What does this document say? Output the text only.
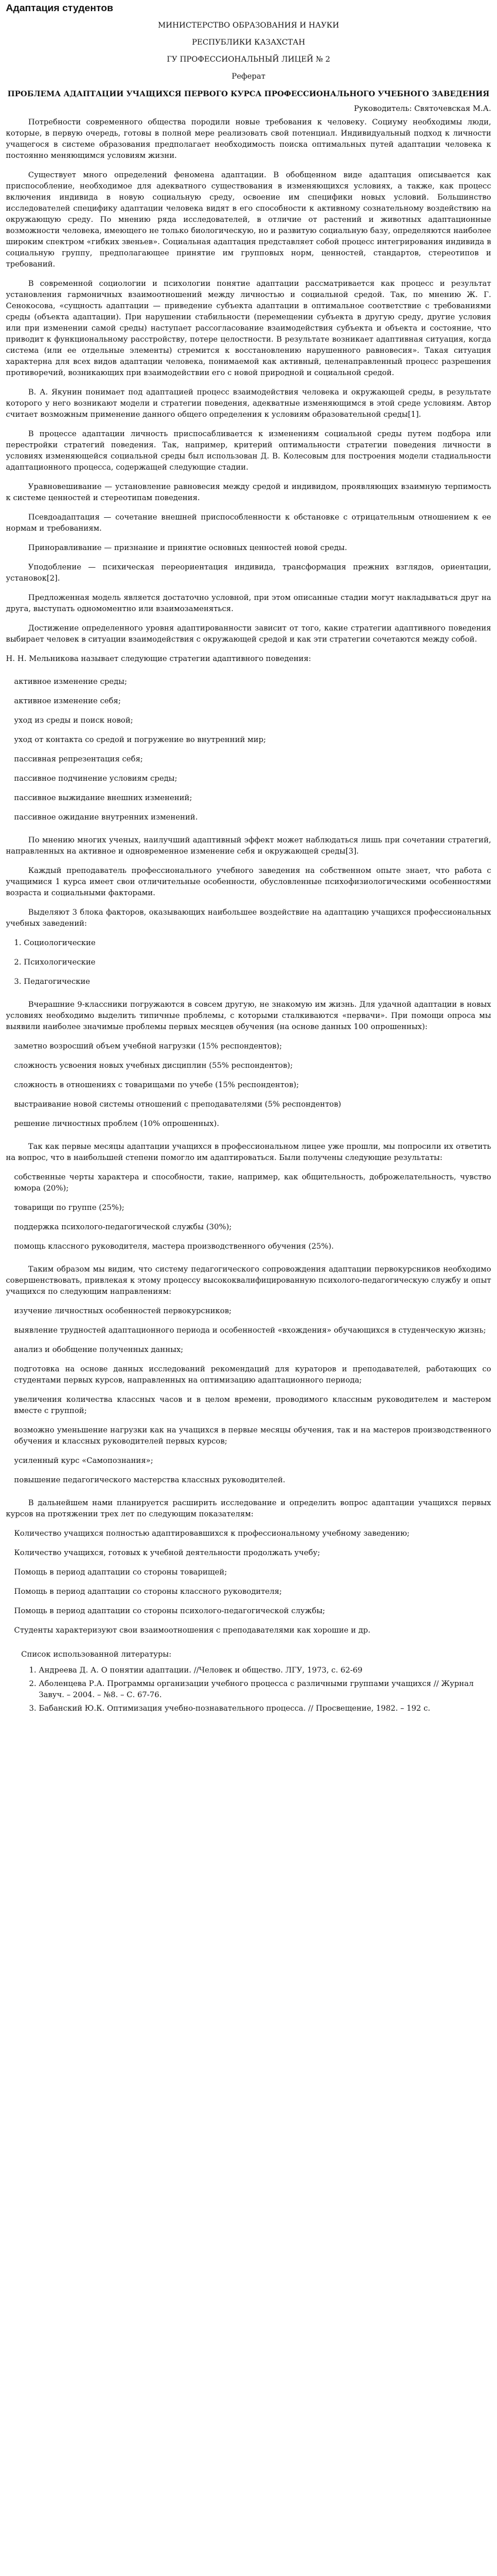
Адаптация студентов
МИНИСТЕРСТВО ОБРАЗОВАНИЯ И НАУКИ
РЕСПУБЛИКИ КАЗАХСТАН
ГУ ПРОФЕССИОНАЛЬНЫЙ ЛИЦЕЙ № 2
Реферат
ПРОБЛЕМА АДАПТАЦИИ УЧАЩИХСЯ ПЕРВОГО КУРСА ПРОФЕССИОНАЛЬНОГО УЧЕБНОГО ЗАВЕДЕНИЯ
Руководитель: Святочевская М.А.

Потребности современного общества породили новые требования к человеку. Социуму необходимы люди, которые, в первую очередь, готовы в полной мере реализовать свой потенциал. Индивидуальный подход к личности учащегося в системе образования предполагает необходимость поиска оптимальных путей адаптации человека к постоянно меняющимся условиям жизни.

Существует много определений феномена адаптации. В обобщенном виде адаптация описывается как приспособление, необходимое для адекватного существования в изменяющихся условиях, а также, как процесс включения индивида в новую социальную среду, освоение им специфики новых условий. Большинство исследователей специфику адаптации человека видят в его способности к активному сознательному воздействию на окружающую среду. По мнению ряда исследователей, в отличие от растений и животных адаптационные возможности человека, имеющего не только биологическую, но и развитую социальную базу, определяются наиболее широким спектром «гибких звеньев». Социальная адаптация представляет собой процесс интегрирования индивида в социальную группу, предполагающее принятие им групповых норм, ценностей, стандартов, стереотипов и требований.

В современной социологии и психологии понятие адаптации рассматривается как процесс и результат установления гармоничных взаимоотношений между личностью и социальной средой. Так, по мнению Ж. Г. Сенокосова, «сущность адаптации — приведение субъекта адаптации в оптимальное соответствие с требованиями среды (объекта адаптации). При нарушении стабильности (перемещении субъекта в другую среду, другие условия или при изменении самой среды) наступает рассогласование взаимодействия субъекта и объекта и состояние, что приводит к функциональному расстройству, потере целостности. В результате возникает адаптивная ситуация, когда система (или ее отдельные элементы) стремится к восстановлению нарушенного равновесия». Такая ситуация характерна для всех видов адаптации человека, понимаемой как активный, целенаправленный процесс разрешения противоречий, возникающих при взаимодействии его с новой природной и социальной средой.

В. А. Якунин понимает под адаптацией процесс взаимодействия человека и окружающей среды, в результате которого у него возникают модели и стратегии поведения, адекватные изменяющимся в этой среде условиям. Автор считает возможным применение данного общего определения к условиям образовательной среды[1].

В процессе адаптации личность приспосабливается к изменениям социальной среды путем подбора или перестройки стратегий поведения. Так, например, критерий оптимальности стратегии поведения личности в условиях изменяющейся социальной среды был использован Д. В. Колесовым для построения модели стадиальности адаптационного процесса, содержащей следующие стадии.

Уравновешивание — установление равновесия между средой и индивидом, проявляющих взаимную терпимость к системе ценностей и стереотипам поведения.

Псевдоадаптация — сочетание внешней приспособленности к обстановке с отрицательным отношением к ее нормам и требованиям.

Приноравливание — признание и принятие основных ценностей новой среды.

Уподобление — психическая переориентация индивида, трансформация прежних взглядов, ориентации, установок[2].

Предложенная модель является достаточно условной, при этом описанные стадии могут накладываться друг на друга, выступать одномоментно или взаимозаменяться.

Достижение определенного уровня адаптированности зависит от того, какие стратегии адаптивного поведения выбирает человек в ситуации взаимодействия с окружающей средой и как эти стратегии сочетаются между собой.

Н. Н. Мельникова называет следующие стратегии адаптивного поведения:

активное изменение среды;

активное изменение себя;

уход из среды и поиск новой;

уход от контакта со средой и погружение во внутренний мир;

пассивная репрезентация себя;

пассивное подчинение условиям среды;

пассивное выжидание внешних изменений;

пассивное ожидание внутренних изменений.

По мнению многих ученых, наилучший адаптивный эффект может наблюдаться лишь при сочетании стратегий, направленных на активное и одновременное изменение себя и окружающей среды[3].

Каждый преподаватель профессионального учебного заведения на собственном опыте знает, что работа с учащимися 1 курса имеет свои отличительные особенности, обусловленные психофизиологическими особенностями возраста и социальными факторами.

Выделяют 3 блока факторов, оказывающих наибольшее воздействие на адаптацию учащихся профессиональных учебных заведений:

1. Социологические

2. Психологические

3. Педагогические

Вчерашние 9-классники погружаются в совсем другую, не знакомую им жизнь. Для удачной адаптации в новых условиях необходимо выделить типичные проблемы, с которыми сталкиваются «первачи». При помощи опроса мы выявили наиболее значимые проблемы первых месяцев обучения (на основе данных 100 опрошенных):

заметно возросший объем учебной нагрузки (15% респондентов);

сложность усвоения новых учебных дисциплин (55% респондентов);

сложность в отношениях с товарищами по учебе (15% респондентов);

выстраивание новой системы отношений с преподавателями (5% респондентов)

решение личностных проблем (10% опрошенных).

Так как первые месяцы адаптации учащихся в профессиональном лицее уже прошли, мы попросили их ответить на вопрос, что в наибольшей степени помогло им адаптироваться. Были получены следующие результаты:

собственные черты характера и способности, такие, например, как общительность, доброжелательность, чувство юмора (20%);

товарищи по группе (25%);

поддержка психолого-педагогической службы (30%);

помощь классного руководителя, мастера производственного обучения (25%).

Таким образом мы видим, что систему педагогического сопровождения адаптации первокурсников необходимо совершенствовать, привлекая к этому процессу высококвалифицированную психолого-педагогическую службу и опыт учащихся по следующим направлениям:

изучение личностных особенностей первокурсников;

выявление трудностей адаптационного периода и особенностей «вхождения» обучающихся в студенческую жизнь;

анализ и обобщение полученных данных;

подготовка на основе данных исследований рекомендаций для кураторов и преподавателей, работающих со студентами первых курсов, направленных на оптимизацию адаптационного периода;

увеличения количества классных часов и в целом времени, проводимого классным руководителем и мастером вместе с группой;

возможно уменьшение нагрузки как на учащихся в первые месяцы обучения, так и на мастеров производственного обучения и классных руководителей первых курсов;

усиленный курс «Самопознания»;

повышение педагогического мастерства классных руководителей.

В дальнейшем нами планируется расширить исследование и определить вопрос адаптации учащихся первых курсов на протяжении трех лет по следующим показателям:

Количество учащихся полностью адаптировавшихся к профессиональному учебному заведению;

Количество учащихся, готовых к учебной деятельности продолжать учебу;

Помощь в период адаптации со стороны товарищей;

Помощь в период адаптации со стороны классного руководителя;

Помощь в период адаптации со стороны психолого-педагогической службы;

Студенты характеризуют свои взаимоотношения с преподавателями как хорошие и др.

Список использованной литературы:
1. Андреева Д. А. О понятии адаптации. //Человек и общество. ЛГУ, 1973, с. 62-69
2. Аболенцева Р.А. Программы организации учебного процесса с различными группами учащихся // Журнал Завуч. – 2004. – №8. – С. 67-76.
3. Бабанский Ю.К. Оптимизация учебно-познавательного процесса. // Просвещение, 1982. – 192 с.
